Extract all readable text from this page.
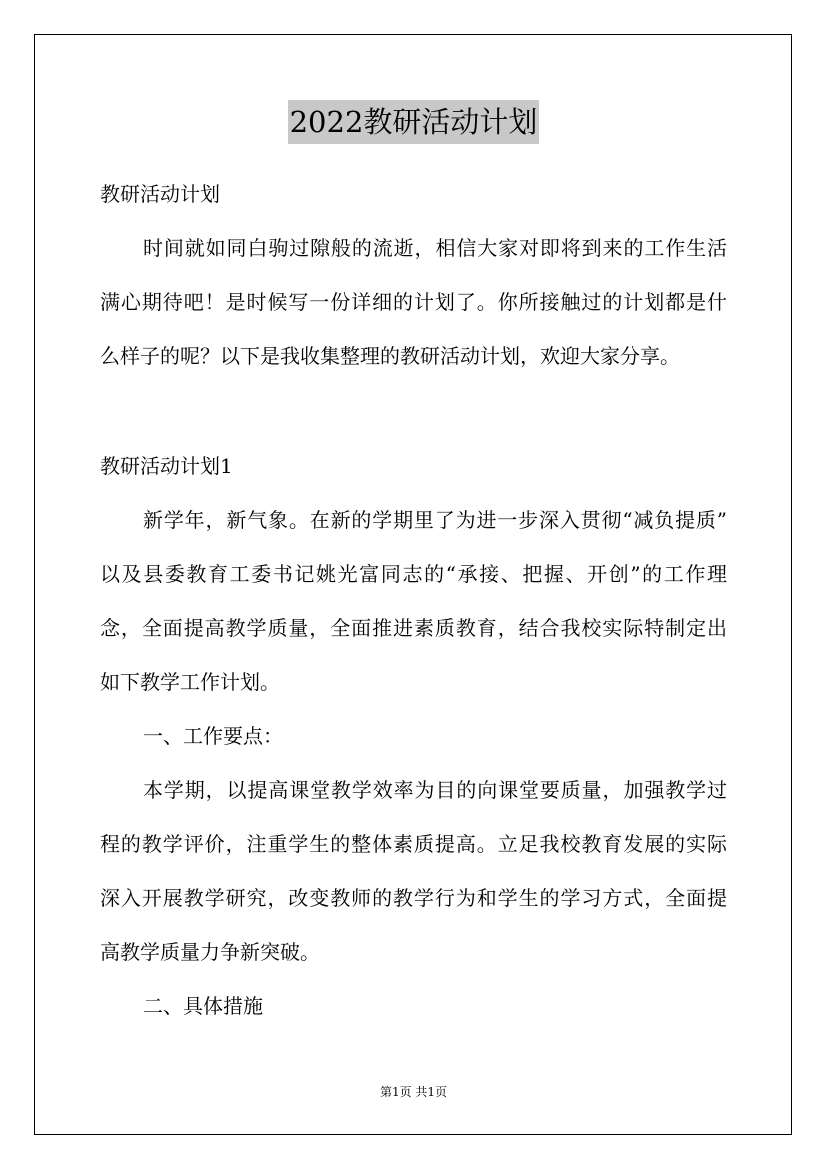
2022教研活动计划
教研活动计划
时间就如同白驹过隙般的流逝，相信大家对即将到来的工作生活
满心期待吧！是时候写一份详细的计划了。你所接触过的计划都是什
么样子的呢？以下是我收集整理的教研活动计划，欢迎大家分享。
教研活动计划1
新学年，新气象。在新的学期里了为进一步深入贯彻“减负提质”
以及县委教育工委书记姚光富同志的“承接、把握、开创”的工作理
念，全面提高教学质量，全面推进素质教育，结合我校实际特制定出
如下教学工作计划。
一、工作要点：
本学期，以提高课堂教学效率为目的向课堂要质量，加强教学过
程的教学评价，注重学生的整体素质提高。立足我校教育发展的实际
深入开展教学研究，改变教师的教学行为和学生的学习方式，全面提
高教学质量力争新突破。
二、具体措施
第1页 共1页
